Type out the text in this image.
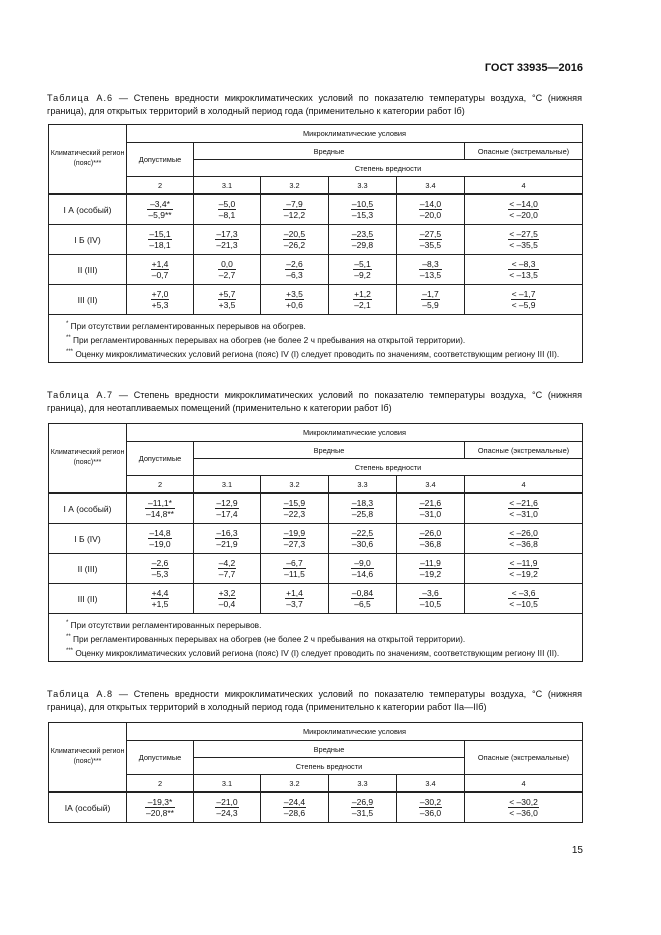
ГОСТ 33935—2016
Таблица А.6 — Степень вредности микроклиматических условий по показателю температуры воздуха, °С (нижняя граница), для открытых территорий в холодный период года (применительно к категории работ Iб)
Климатический регион (пояс)***	Микроклиматические условия					
	Допустимые	Вредные				Опасные (экстремальные)
		Степень вредности				
	2	3.1	3.2	3.3	3.4	4
I А (особый)	$\frac{-3,4*}{-5,9**}$	$\frac{-5,0}{-8,1}$	$\frac{-7,9}{-12,2}$	$\frac{-10,5}{-15,3}$	$\frac{-14,0}{-20,0}$	$\frac{< -14,0}{< -20,0}$

I Б (IV)	$\frac{-15,1}{-18,1}$	$\frac{-17,3}{-21,3}$	$\frac{-20,5}{-26,2}$	$\frac{-23,5}{-29,8}$	$\frac{-27,5}{-35,5}$	$\frac{< -27,5}{< -35,5}$

II (III)	$\frac{+1,4}{-0,7}$	$\frac{0,0}{-2,7}$	$\frac{-2,6}{-6,3}$	$\frac{-5,1}{-9,2}$	$\frac{-8,3}{-13,5}$	$\frac{< -8,3}{< -13,5}$

III (II)	$\frac{+7,0}{+5,3}$	$\frac{+5,7}{+3,5}$	$\frac{+3,5}{+0,6}$	$\frac{+1,2}{-2,1}$	$\frac{-1,7}{-5,9}$	$\frac{< -1,7}{< -5,9}$

* При отсутствии регламентированных перерывов на обогрев.
** При регламентированных перерывах на обогрев (не более 2 ч пребывания на открытой территории).
*** Оценку микроклиматических условий региона (пояс) IV (I) следует проводить по значениям, соответствующим региону III (II).						
Таблица А.7 — Степень вредности микроклиматических условий по показателю температуры воздуха, °С (нижняя граница), для неотапливаемых помещений (применительно к категории работ Iб)
Климатический регион (пояс)***	Микроклиматические условия					
	Допустимые	Вредные				Опасные (экстремальные)
		Степень вредности				
	2	3.1	3.2	3.3	3.4	4
I А (особый)	$\frac{-11,1*}{-14,8**}$	$\frac{-12,9}{-17,4}$	$\frac{-15,9}{-22,3}$	$\frac{-18,3}{-25,8}$	$\frac{-21,6}{-31,0}$	$\frac{< -21,6}{< -31,0}$

I Б (IV)	$\frac{-14,8}{-19,0}$	$\frac{-16,3}{-21,9}$	$\frac{-19,9}{-27,3}$	$\frac{-22,5}{-30,6}$	$\frac{-26,0}{-36,8}$	$\frac{< -26,0}{< -36,8}$

II (III)	$\frac{-2,6}{-5,3}$	$\frac{-4,2}{-7,7}$	$\frac{-6,7}{-11,5}$	$\frac{-9,0}{-14,6}$	$\frac{-11,9}{-19,2}$	$\frac{< -11,9}{< -19,2}$

III (II)	$\frac{+4,4}{+1,5}$	$\frac{+3,2}{-0,4}$	$\frac{+1,4}{-3,7}$	$\frac{-0,84}{-6,5}$	$\frac{-3,6}{-10,5}$	$\frac{< -3,6}{< -10,5}$

* При отсутствии регламентированных перерывов.
** При регламентированных перерывах на обогрев (не более 2 ч пребывания на открытой территории).
*** Оценку микроклиматических условий региона (пояс) IV (I) следует проводить по значениям, соответствующим региону III (II).						
Таблица А.8 — Степень вредности микроклиматических условий по показателю температуры воздуха, °С (нижняя граница), для открытых территорий в холодный период года (применительно к категории работ IIа—IIб)
Климатический регион (пояс)***	Микроклиматические условия					
	Допустимые	Вредные				Опасные (экстремальные)
		Степень вредности				
	2	3.1	3.2	3.3	3.4	4
IА (особый)	$\frac{-19,3*}{-20,8**}$	$\frac{-21,0}{-24,3}$	$\frac{-24,4}{-28,6}$	$\frac{-26,9}{-31,5}$	$\frac{-30,2}{-36,0}$	$\frac{< -30,2}{< -36,0}$
15
